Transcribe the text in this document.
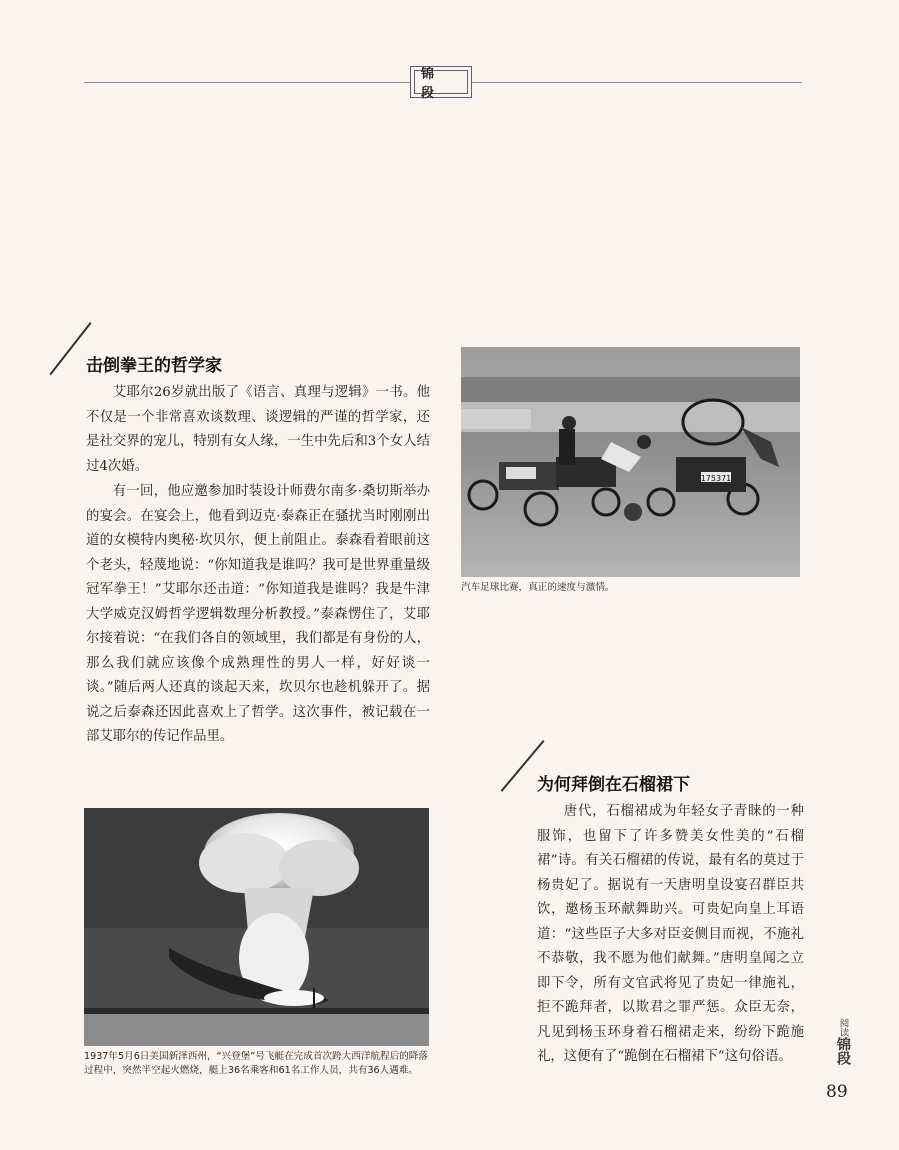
锦 段
击倒拳王的哲学家

艾耶尔26岁就出版了《语言、真理与逻辑》一书。他不仅是一个非常喜欢谈数理、谈逻辑的严谨的哲学家，还是社交界的宠儿，特别有女人缘，一生中先后和3个女人结过4次婚。

有一回，他应邀参加时装设计师费尔南多·桑切斯举办的宴会。在宴会上，他看到迈克·泰森正在骚扰当时刚刚出道的女模特内奥秘·坎贝尔，便上前阻止。泰森看着眼前这个老头，轻蔑地说：“你知道我是谁吗？我可是世界重量级冠军拳王！”艾耶尔还击道：“你知道我是谁吗？我是牛津大学威克汉姆哲学逻辑数理分析教授。”泰森愣住了，艾耶尔接着说：“在我们各自的领域里，我们都是有身份的人，那么我们就应该像个成熟理性的男人一样，好好谈一谈。”随后两人还真的谈起天来，坎贝尔也趁机躲开了。据说之后泰森还因此喜欢上了哲学。这次事件，被记载在一部艾耶尔的传记作品里。

175371

汽车足球比赛，真正的速度与激情。

为何拜倒在石榴裙下

唐代，石榴裙成为年轻女子青睐的一种服饰，也留下了许多赞美女性美的“石榴裙”诗。有关石榴裙的传说，最有名的莫过于杨贵妃了。据说有一天唐明皇设宴召群臣共饮，邀杨玉环献舞助兴。可贵妃向皇上耳语道：“这些臣子大多对臣妾侧目而视，不施礼不恭敬，我不愿为他们献舞。”唐明皇闻之立即下令，所有文官武将见了贵妃一律施礼，拒不跪拜者，以欺君之罪严惩。众臣无奈，凡见到杨玉环身着石榴裙走来，纷纷下跪施礼，这便有了“跪倒在石榴裙下”这句俗语。

1937年5月6日美国新泽西州，“兴登堡”号飞艇在完成首次跨大西洋航程后的降落过程中，突然半空起火燃烧，艇上36名乘客和61名工作人员，共有36人遇难。

阅读
锦段
89
